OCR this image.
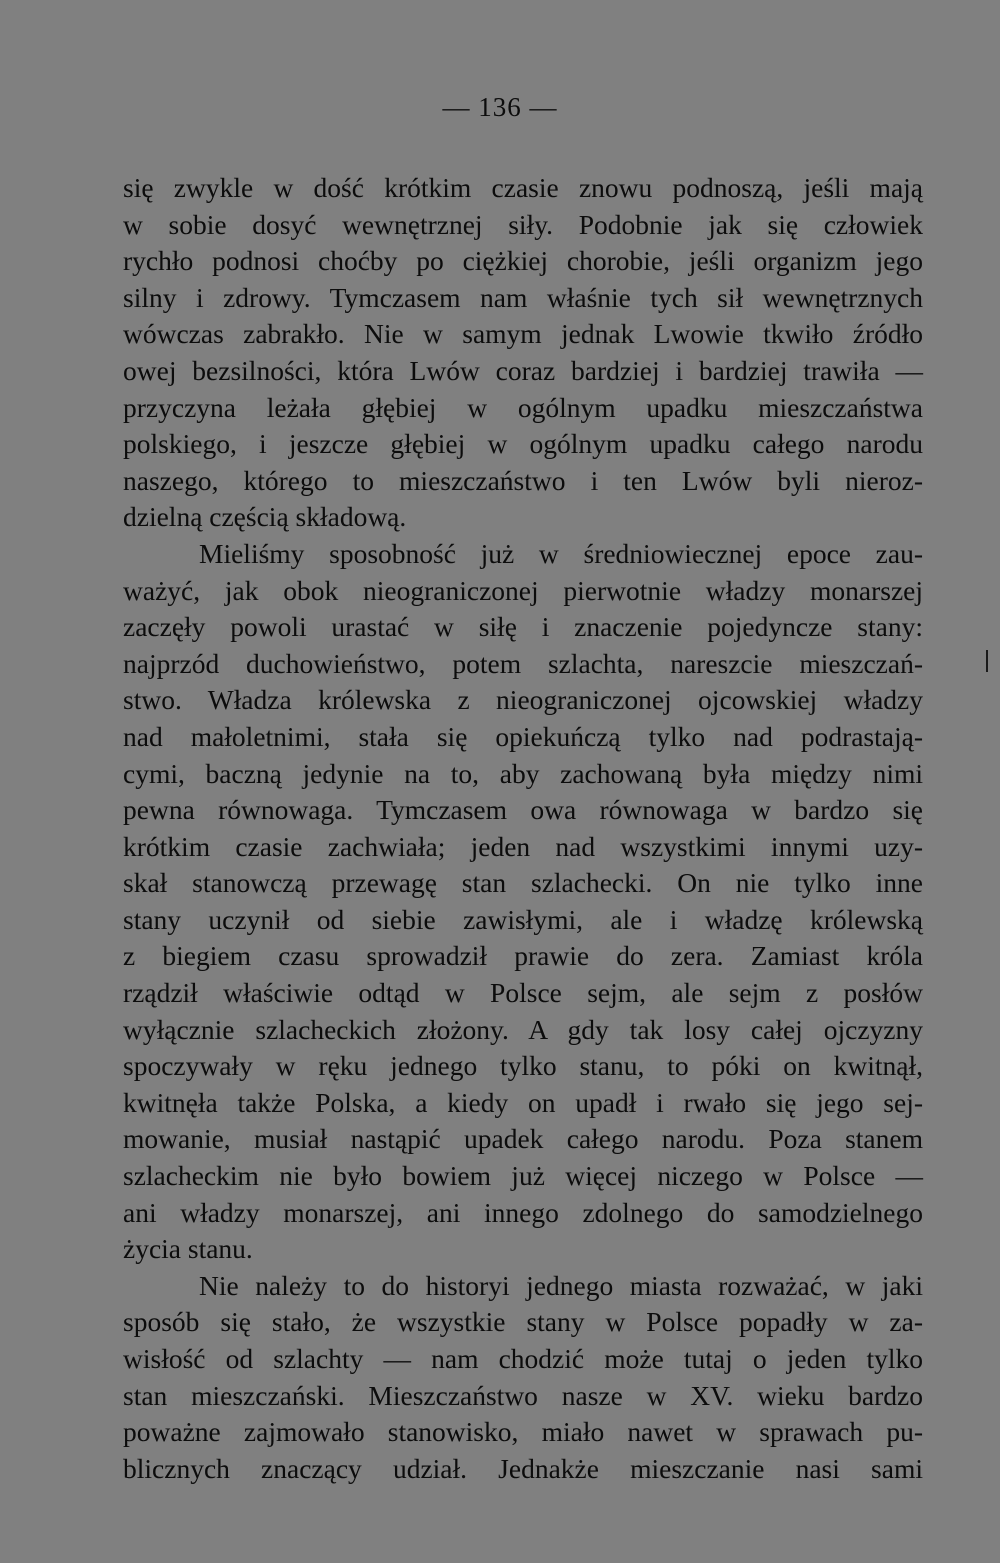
— 136 —
się zwykle w dość krótkim czasie znowu podnoszą, jeśli mają
w sobie dosyć wewnętrznej siły. Podobnie jak się człowiek
rychło podnosi choćby po ciężkiej chorobie, jeśli organizm jego
silny i zdrowy. Tymczasem nam właśnie tych sił wewnętrznych
wówczas zabrakło. Nie w samym jednak Lwowie tkwiło źródło
owej bezsilności, która Lwów coraz bardziej i bardziej trawiła —
przyczyna leżała głębiej w ogólnym upadku mieszczaństwa
polskiego, i jeszcze głębiej w ogólnym upadku całego narodu
naszego, którego to mieszczaństwo i ten Lwów byli nieroz-
dzielną częścią składową.
Mieliśmy sposobność już w średniowiecznej epoce zau-
ważyć, jak obok nieograniczonej pierwotnie władzy monarszej
zaczęły powoli urastać w siłę i znaczenie pojedyncze stany:
najprzód duchowieństwo, potem szlachta, nareszcie mieszczań-
stwo. Władza królewska z nieograniczonej ojcowskiej władzy
nad małoletnimi, stała się opiekuńczą tylko nad podrastają-
cymi, baczną jedynie na to, aby zachowaną była między nimi
pewna równowaga. Tymczasem owa równowaga w bardzo się
krótkim czasie zachwiała; jeden nad wszystkimi innymi uzy-
skał stanowczą przewagę stan szlachecki. On nie tylko inne
stany uczynił od siebie zawisłymi, ale i władzę królewską
z biegiem czasu sprowadził prawie do zera. Zamiast króla
rządził właściwie odtąd w Polsce sejm, ale sejm z posłów
wyłącznie szlacheckich złożony. A gdy tak losy całej ojczyzny
spoczywały w ręku jednego tylko stanu, to póki on kwitnął,
kwitnęła także Polska, a kiedy on upadł i rwało się jego sej-
mowanie, musiał nastąpić upadek całego narodu. Poza stanem
szlacheckim nie było bowiem już więcej niczego w Polsce —
ani władzy monarszej, ani innego zdolnego do samodzielnego
życia stanu.
Nie należy to do historyi jednego miasta rozważać, w jaki
sposób się stało, że wszystkie stany w Polsce popadły w za-
wisłość od szlachty — nam chodzić może tutaj o jeden tylko
stan mieszczański. Mieszczaństwo nasze w XV. wieku bardzo
poważne zajmowało stanowisko, miało nawet w sprawach pu-
blicznych znaczący udział. Jednakże mieszczanie nasi sami
